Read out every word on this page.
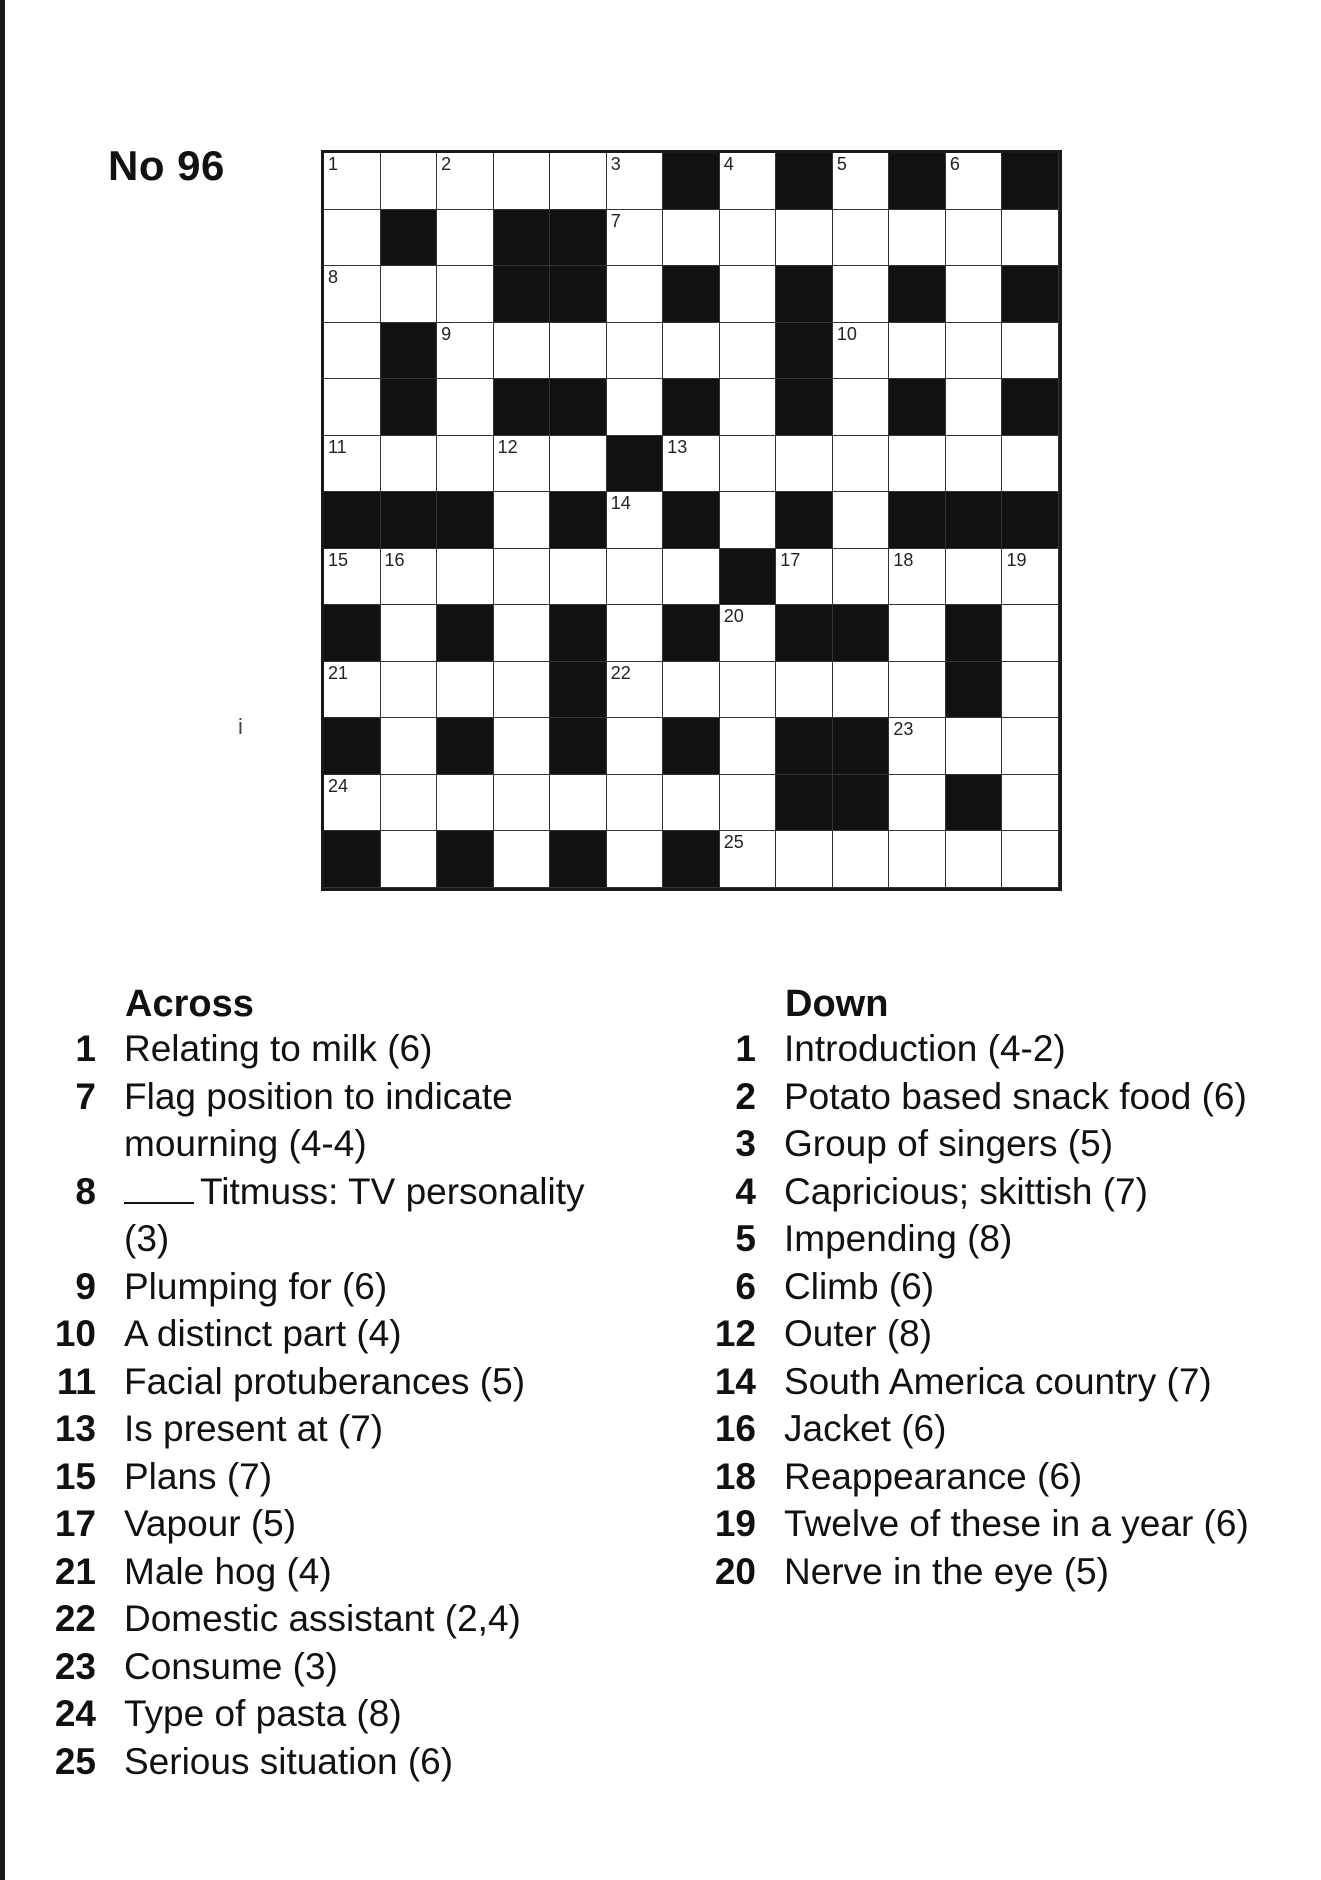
No 96	1	2	3	4	5	6
7
8
9	10
11	12	13
14
15 16	17	18	19
20
21	22
23
24
25
i
Across
1 Relating to milk (6)
7 Flag position to indicate mourning (4-4)
8	Titmuss: TV personality (3)
9 Plumping for (6)
10 A distinct part (4)
11 Facial protuberances (5)
13 Is present at (7)
15 Plans (7)
17 Vapour (5)
21 Male hog (4)
22 Domestic assistant (2,4)
23 Consume (3)
24 Type of pasta (8)
25 Serious situation (6)
Down
1 Introduction (4-2)
2 Potato based snack food (6)
3 Group of singers (5)
4 Capricious; skittish (7)
5 Impending (8)
6 Climb (6)
12 Outer (8)
14 South America country (7)
16 Jacket (6)
18 Reappearance (6)
19 Twelve of these in a year (6)
20 Nerve in the eye (5)
